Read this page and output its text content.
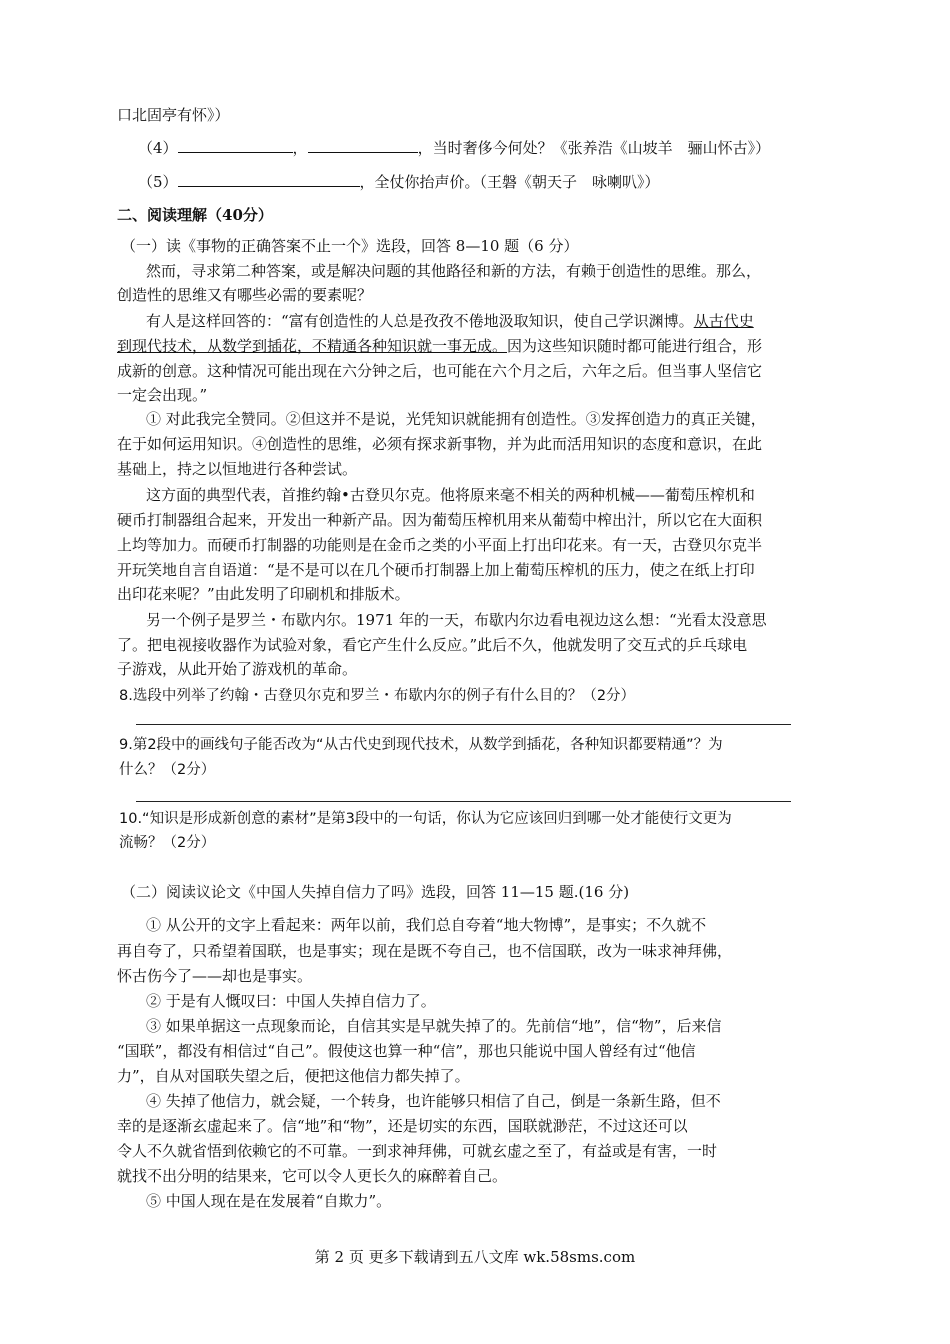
口北固亭有怀》）
（4）	，	，当时奢侈今何处？《张养浩《山坡羊　骊山怀古》）
（5）	，全仗你抬声价。（王磐《朝天子　咏喇叭》）
二、阅读理解（40分）
（一）读《事物的正确答案不止一个》选段，回答 8—10 题（6 分）
然而，寻求第二种答案，或是解决问题的其他路径和新的方法，有赖于创造性的思维。那么，
创造性的思维又有哪些必需的要素呢？
有人是这样回答的：“富有创造性的人总是孜孜不倦地汲取知识，使自己学识渊博。从古代史
到现代技术，从数学到插花，不精通各种知识就一事无成。因为这些知识随时都可能进行组合，形
成新的创意。这种情况可能出现在六分钟之后，也可能在六个月之后，六年之后。但当事人坚信它
一定会出现。”
① 对此我完全赞同。②但这并不是说，光凭知识就能拥有创造性。③发挥创造力的真正关键，
在于如何运用知识。④创造性的思维，必须有探求新事物，并为此而活用知识的态度和意识，在此
基础上，持之以恒地进行各种尝试。
这方面的典型代表，首推约翰•古登贝尔克。他将原来毫不相关的两种机械——葡萄压榨机和
硬币打制器组合起来，开发出一种新产品。因为葡萄压榨机用来从葡萄中榨出汁，所以它在大面积
上均等加力。而硬币打制器的功能则是在金币之类的小平面上打出印花来。有一天，古登贝尔克半
开玩笑地自言自语道：“是不是可以在几个硬币打制器上加上葡萄压榨机的压力，使之在纸上打印
出印花来呢？”由此发明了印刷机和排版术。
另一个例子是罗兰・布歇内尔。1971 年的一天，布歇内尔边看电视边这么想：“光看太没意思
了。把电视接收器作为试验对象，看它产生什么反应。”此后不久，他就发明了交互式的乒乓球电
子游戏，从此开始了游戏机的革命。
8.选段中列举了约翰・古登贝尔克和罗兰・布歇内尔的例子有什么目的？（2分）
9.第2段中的画线句子能否改为“从古代史到现代技术，从数学到插花，各种知识都要精通”？为
什么？（2分）
10.“知识是形成新创意的素材”是第3段中的一句话，你认为它应该回归到哪一处才能使行文更为
流畅？（2分）
（二）阅读议论文《中国人失掉自信力了吗》选段，回答 11—15 题.(16 分)
① 从公开的文字上看起来：两年以前，我们总自夸着“地大物博”，是事实；不久就不
再自夸了，只希望着国联，也是事实；现在是既不夸自己，也不信国联，改为一味求神拜佛，
怀古伤今了——却也是事实。
② 于是有人慨叹曰：中国人失掉自信力了。
③ 如果单据这一点现象而论，自信其实是早就失掉了的。先前信“地”，信“物”，后来信
“国联”，都没有相信过“自己”。假使这也算一种“信”，那也只能说中国人曾经有过“他信
力”，自从对国联失望之后，便把这他信力都失掉了。
④ 失掉了他信力，就会疑，一个转身，也许能够只相信了自己，倒是一条新生路，但不
幸的是逐渐玄虚起来了。信“地”和“物”，还是切实的东西，国联就渺茫，不过这还可以
令人不久就省悟到依赖它的不可靠。一到求神拜佛，可就玄虚之至了，有益或是有害，一时
就找不出分明的结果来，它可以令人更长久的麻醉着自己。
⑤ 中国人现在是在发展着“自欺力”。
第 2 页 更多下载请到五八文库 wk.58sms.com
